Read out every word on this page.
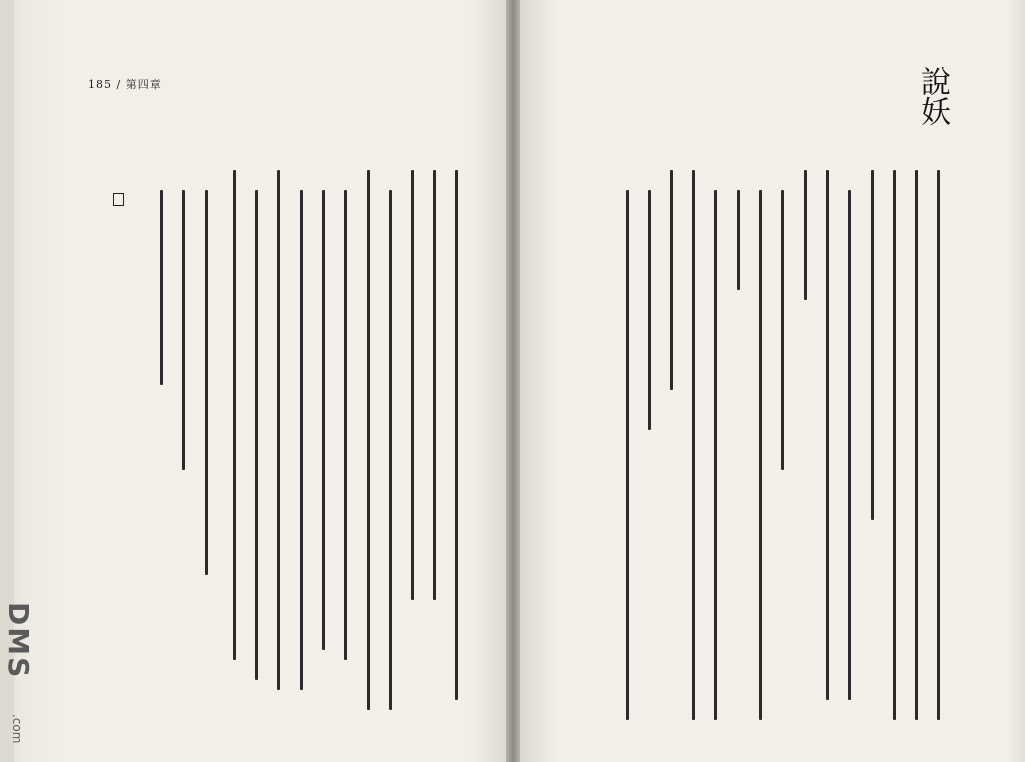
185 / 第四章	說妖
DMS
.com
